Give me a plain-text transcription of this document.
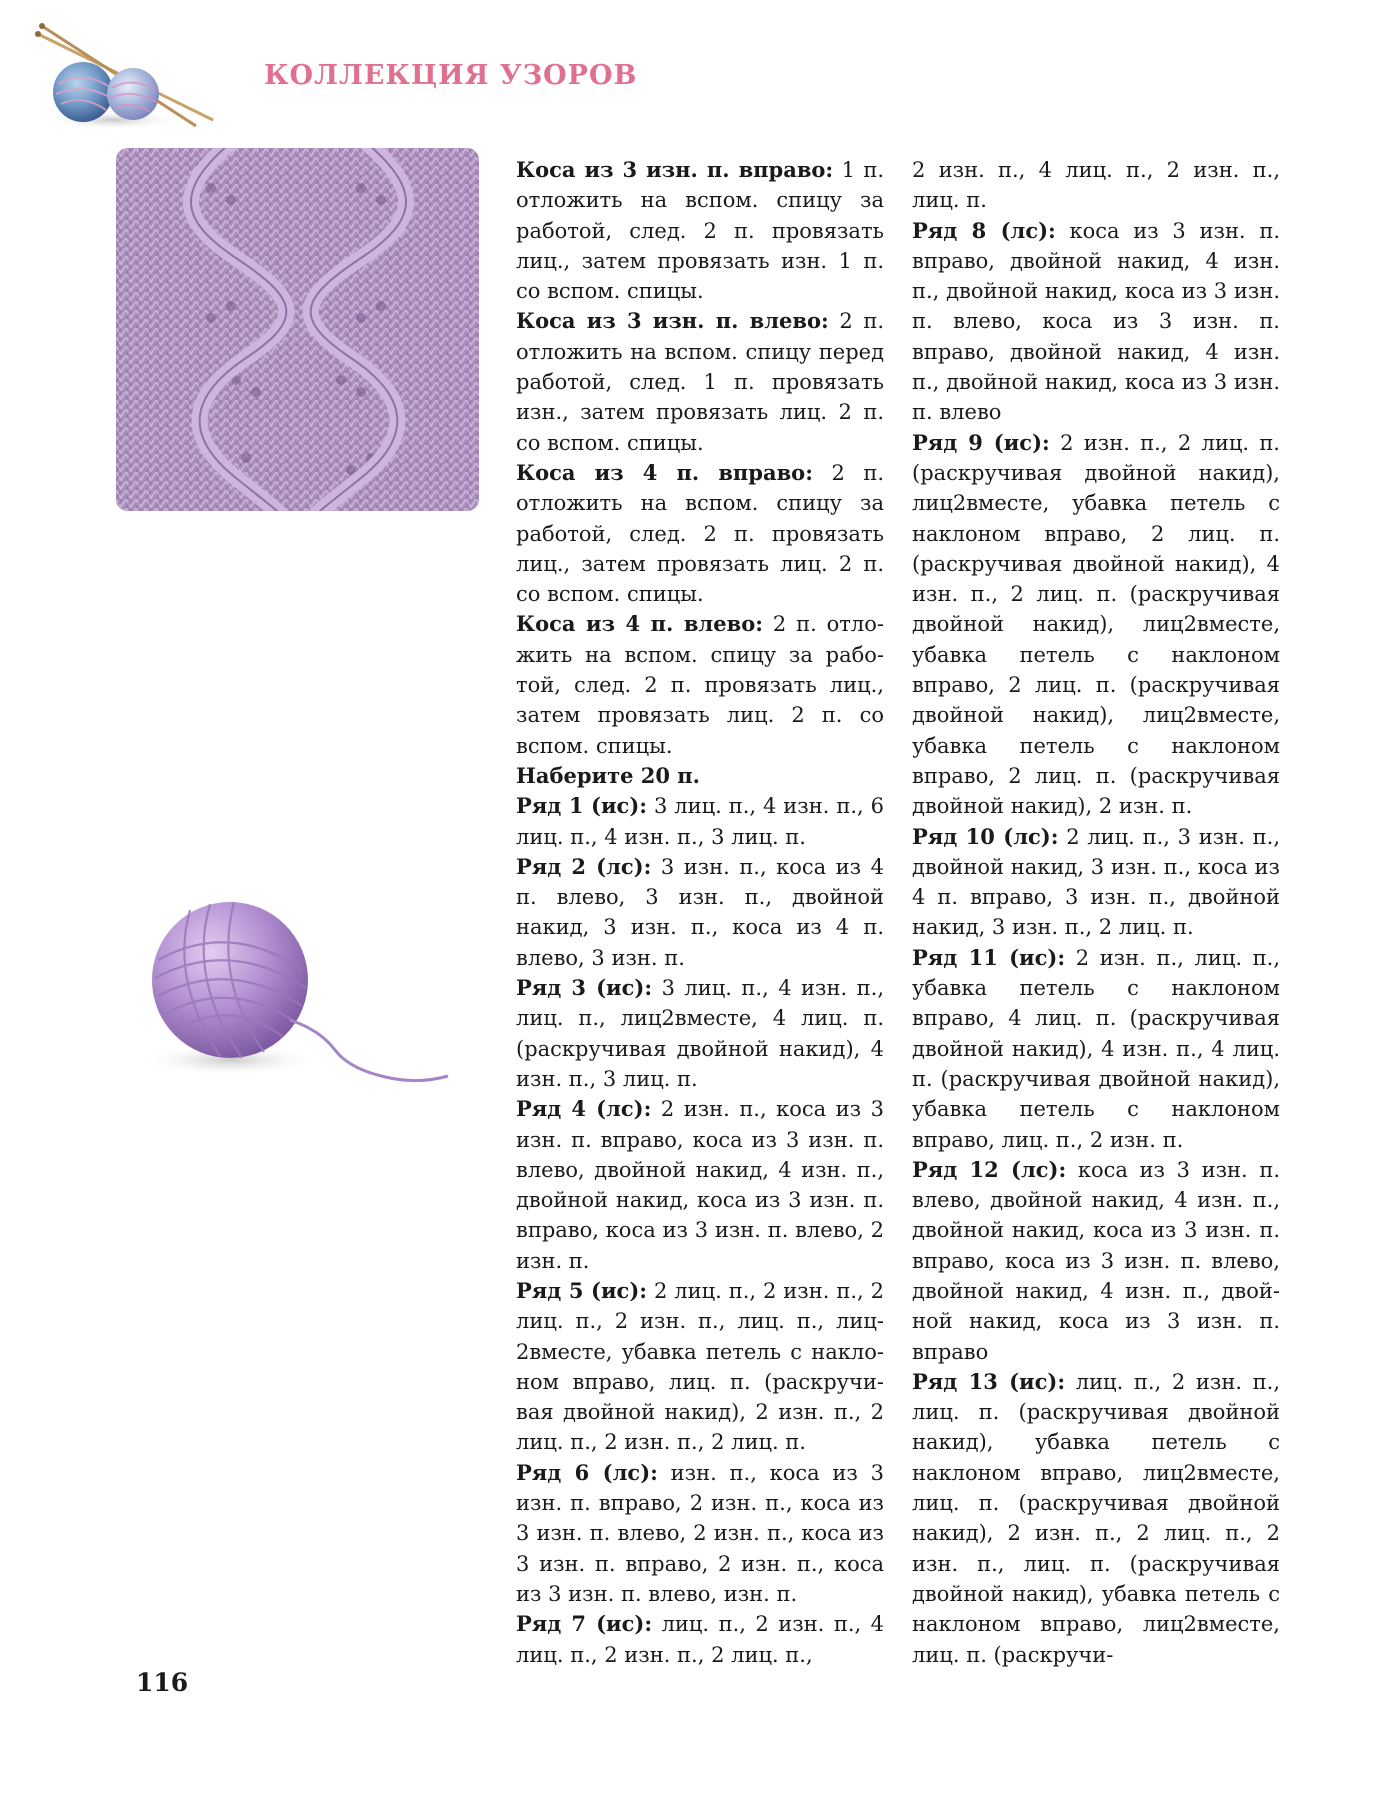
КОЛЛЕКЦИЯ УЗОРОВ

Коса из 3 изн. п. вправо: 1 п. отложить на вспом. спицу за работой, след. 2 п. провязать лиц., затем провязать изн. 1 п. со вспом. спицы.

Коса из 3 изн. п. влево: 2 п. отложить на вспом. спицу перед работой, след. 1 п. провязать изн., затем провязать лиц. 2 п. со вспом. спицы.

Коса из 4 п. вправо: 2 п. отложить на вспом. спицу за работой, след. 2 п. провязать лиц., затем провязать лиц. 2 п. со вспом. спицы.

Коса из 4 п. влево: 2 п. отложить на вспом. спицу за работой, след. 2 п. провязать лиц., затем провязать лиц. 2 п. со вспом. спицы.

Наберите 20 п.

Ряд 1 (ис): 3 лиц. п., 4 изн. п., 6 лиц. п., 4 изн. п., 3 лиц. п.

Ряд 2 (лс): 3 изн. п., коса из 4 п. влево, 3 изн. п., двойной накид, 3 изн. п., коса из 4 п. влево, 3 изн. п.

Ряд 3 (ис): 3 лиц. п., 4 изн. п., лиц. п., лиц2вместе, 4 лиц. п. (раскручивая двойной накид), 4 изн. п., 3 лиц. п.

Ряд 4 (лс): 2 изн. п., коса из 3 изн. п. вправо, коса из 3 изн. п. влево, двойной накид, 4 изн. п., двойной накид, коса из 3 изн. п. вправо, коса из 3 изн. п. влево, 2 изн. п.

Ряд 5 (ис): 2 лиц. п., 2 изн. п., 2 лиц. п., 2 изн. п., лиц. п., лиц2вместе, убавка петель с наклоном вправо, лиц. п. (раскручивая двойной накид), 2 изн. п., 2 лиц. п., 2 изн. п., 2 лиц. п.

Ряд 6 (лс): изн. п., коса из 3 изн. п. вправо, 2 изн. п., коса из 3 изн. п. влево, 2 изн. п., коса из 3 изн. п. вправо, 2 изн. п., коса из 3 изн. п. влево, изн. п.

Ряд 7 (ис): лиц. п., 2 изн. п., 4 лиц. п., 2 изн. п., 2 лиц. п.,

2 изн. п., 4 лиц. п., 2 изн. п., лиц. п.

Ряд 8 (лс): коса из 3 изн. п. вправо, двойной накид, 4 изн. п., двойной накид, коса из 3 изн. п. влево, коса из 3 изн. п. вправо, двойной накид, 4 изн. п., двойной накид, коса из 3 изн. п. влево

Ряд 9 (ис): 2 изн. п., 2 лиц. п. (раскручивая двойной накид), лиц2вместе, убавка петель с наклоном вправо, 2 лиц. п. (раскручивая двойной накид), 4 изн. п., 2 лиц. п. (раскручивая двойной накид), лиц2вместе, убавка петель с наклоном вправо, 2 лиц. п. (раскручивая двойной накид), лиц2вместе, убавка петель с наклоном вправо, 2 лиц. п. (раскручивая двойной накид), 2 изн. п.

Ряд 10 (лс): 2 лиц. п., 3 изн. п., двойной накид, 3 изн. п., коса из 4 п. вправо, 3 изн. п., двойной накид, 3 изн. п., 2 лиц. п.

Ряд 11 (ис): 2 изн. п., лиц. п., убавка петель с наклоном вправо, 4 лиц. п. (раскручивая двойной накид), 4 изн. п., 4 лиц. п. (раскручивая двойной накид), убавка петель с наклоном вправо, лиц. п., 2 изн. п.

Ряд 12 (лс): коса из 3 изн. п. влево, двойной накид, 4 изн. п., двойной накид, коса из 3 изн. п. вправо, коса из 3 изн. п. влево, двойной накид, 4 изн. п., двойной накид, коса из 3 изн. п. вправо

Ряд 13 (ис): лиц. п., 2 изн. п., лиц. п. (раскручивая двойной накид), убавка петель с наклоном вправо, лиц2вместе, лиц. п. (раскручивая двойной накид), 2 изн. п., 2 лиц. п., 2 изн. п., лиц. п. (раскручивая двойной накид), убавка петель с наклоном вправо, лиц2вместе, лиц. п. (раскручи-

116
